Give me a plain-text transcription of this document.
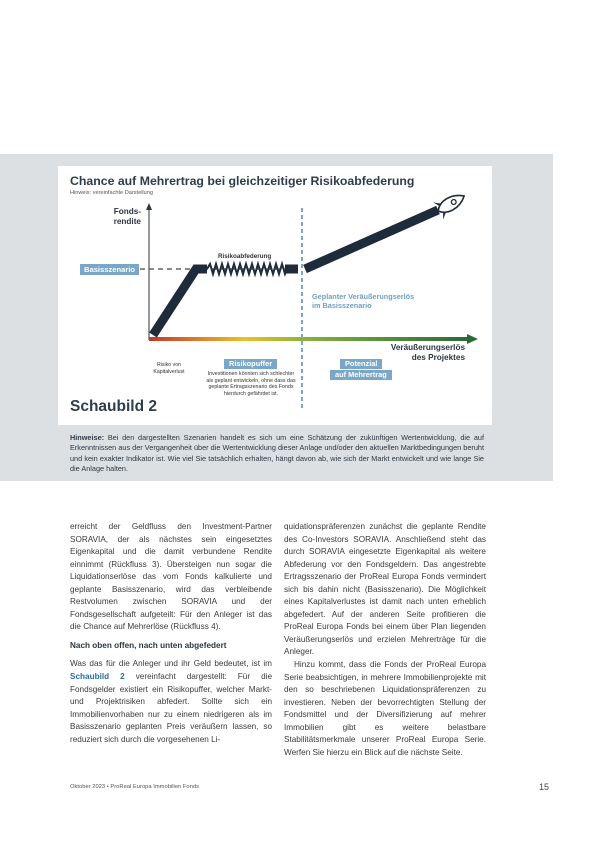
Chance auf Mehrertrag bei gleichzeitiger Risikoabfederung
Hinweis: vereinfachte Darstellung
Fonds-
rendite
Basisszenario
Risikoabfederung
Geplanter Veräußerungserlös
im Basisszenario
Veräußerungserlös
des Projektes
Risiko von
Kapitalverlust
Risikopuffer
Investitionen könnten sich schlechter als geplant entwickeln, ohne dass das geplante Ertragsszenario des Fonds hierdurch gefährdet ist.
Potenzial
auf Mehrertrag
Schaubild 2
Hinweise: Bei den dargestellten Szenarien handelt es sich um eine Schätzung der zukünftigen Wertentwicklung, die auf Erkenntnissen aus der Vergangenheit über die Wertentwicklung dieser Anlage und/oder den aktuellen Marktbedingungen beruht und kein exakter Indikator ist. Wie viel Sie tatsächlich erhalten, hängt davon ab, wie sich der Markt entwickelt und wie lange Sie die Anlage halten.

erreicht der Geldfluss den Investment-Partner SORAVIA, der als nächstes sein eingesetztes Eigenkapital und die damit verbundene Rendite einnimmt (Rückfluss 3). Übersteigen nun sogar die Liquidationserlöse das vom Fonds kalkulierte und geplante Basisszenario, wird das verbleibende Restvolumen zwischen SORAVIA und der Fondsgesellschaft aufgeteilt: Für den Anleger ist das die Chance auf Mehrerlöse (Rückfluss 4).

Nach oben offen, nach unten abgefedert

Was das für die Anleger und ihr Geld bedeutet, ist im Schaubild 2 vereinfacht dargestellt: Für die Fondsgelder existiert ein Risikopuffer, welcher Markt- und Projektrisiken abfedert. Sollte sich ein Immobilienvorhaben nur zu einem niedrigeren als im Basisszenario geplanten Preis veräußern lassen, so reduziert sich durch die vorgesehenen Li-

quidationspräferenzen zunächst die geplante Rendite des Co-Investors SORAVIA. Anschließend steht das durch SORAVIA eingesetzte Eigenkapital als weitere Abfederung vor den Fondsgeldern. Das angestrebte Ertragsszenario der ProReal Europa Fonds vermindert sich bis dahin nicht (Basisszenario). Die Möglichkeit eines Kapitalverlustes ist damit nach unten erheblich abgefedert. Auf der anderen Seite profitieren die ProReal Europa Fonds bei einem über Plan liegenden Veräußerungserlös und erzielen Mehrerträge für die Anleger.

Hinzu kommt, dass die Fonds der ProReal Europa Serie beabsichtigen, in mehrere Immobilienprojekte mit den so beschriebenen Liquidationspräferenzen zu investieren. Neben der bevorrechtigten Stellung der Fondsmittel und der Diversifizierung auf mehrer Immobilien gibt es weitere belastbare Stabilitätsmerkmale unserer ProReal Europa Serie. Werfen Sie hierzu ein Blick auf die nächste Seite.

Oktober 2023 • ProReal Europa Immobilien Fonds	15
